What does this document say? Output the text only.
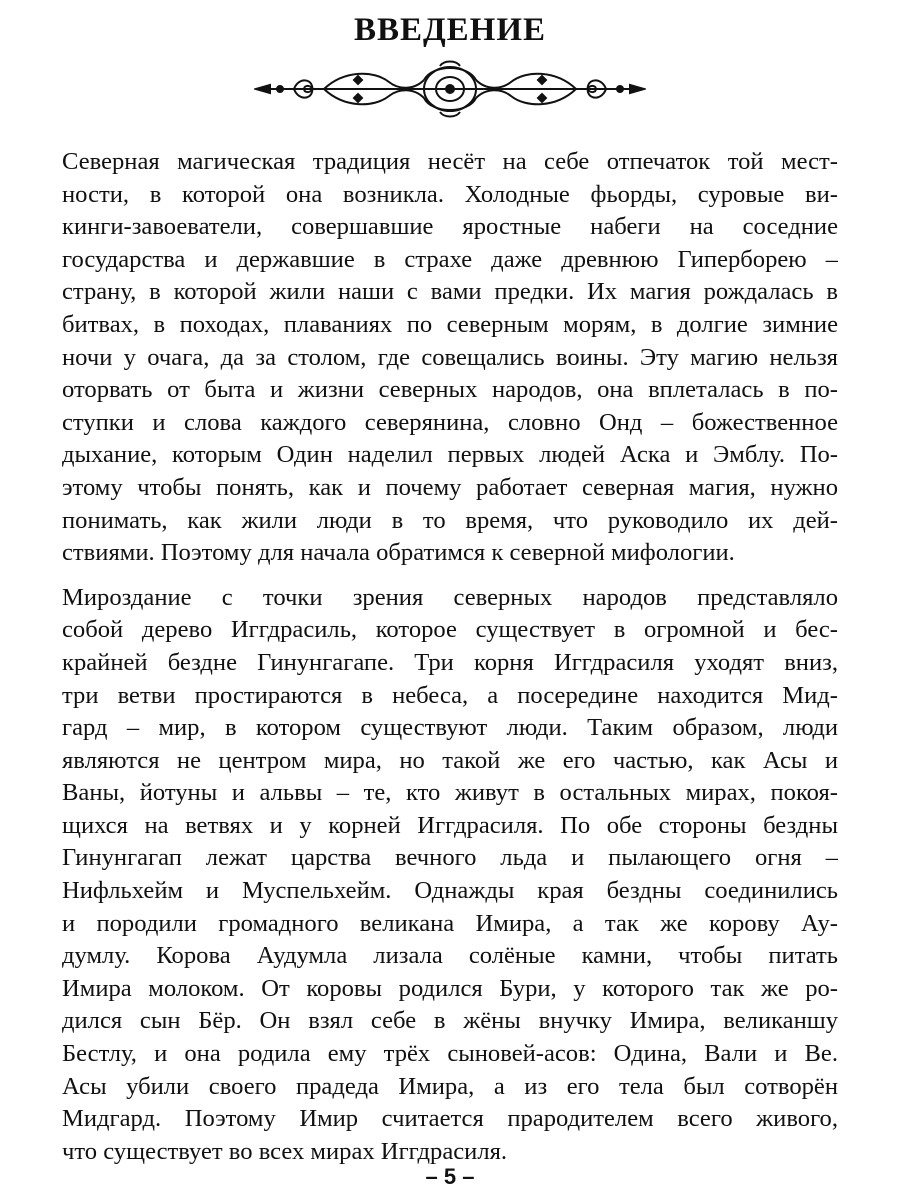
ВВЕДЕНИЕ
Северная магическая традиция несёт на себе отпечаток той мест-
ности, в которой она возникла. Холодные фьорды, суровые ви-
кинги-завоеватели, совершавшие яростные набеги на соседние
государства и державшие в страхе даже древнюю Гиперборею –
страну, в которой жили наши с вами предки. Их магия рождалась в
битвах, в походах, плаваниях по северным морям, в долгие зимние
ночи у очага, да за столом, где совещались воины. Эту магию нельзя
оторвать от быта и жизни северных народов, она вплеталась в по-
ступки и слова каждого северянина, словно Онд – божественное
дыхание, которым Один наделил первых людей Аска и Эмблу. По-
этому чтобы понять, как и почему работает северная магия, нужно
понимать, как жили люди в то время, что руководило их дей-
ствиями. Поэтому для начала обратимся к северной мифологии.
Мироздание с точки зрения северных народов представляло
собой дерево Иггдрасиль, которое существует в огромной и бес-
крайней бездне Гинунгагапе. Три корня Иггдрасиля уходят вниз,
три ветви простираются в небеса, а посередине находится Мид-
гард – мир, в котором существуют люди. Таким образом, люди
являются не центром мира, но такой же его частью, как Асы и
Ваны, йотуны и альвы – те, кто живут в остальных мирах, покоя-
щихся на ветвях и у корней Иггдрасиля. По обе стороны бездны
Гинунгагап лежат царства вечного льда и пылающего огня –
Нифльхейм и Муспельхейм. Однажды края бездны соединились
и породили громадного великана Имира, а так же корову Ау-
думлу. Корова Аудумла лизала солёные камни, чтобы питать
Имира молоком. От коровы родился Бури, у которого так же ро-
дился сын Бёр. Он взял себе в жёны внучку Имира, великаншу
Бестлу, и она родила ему трёх сыновей-асов: Одина, Вали и Ве.
Асы убили своего прадеда Имира, а из его тела был сотворён
Мидгард. Поэтому Имир считается прародителем всего живого,
что существует во всех мирах Иггдрасиля.
– 5 –
